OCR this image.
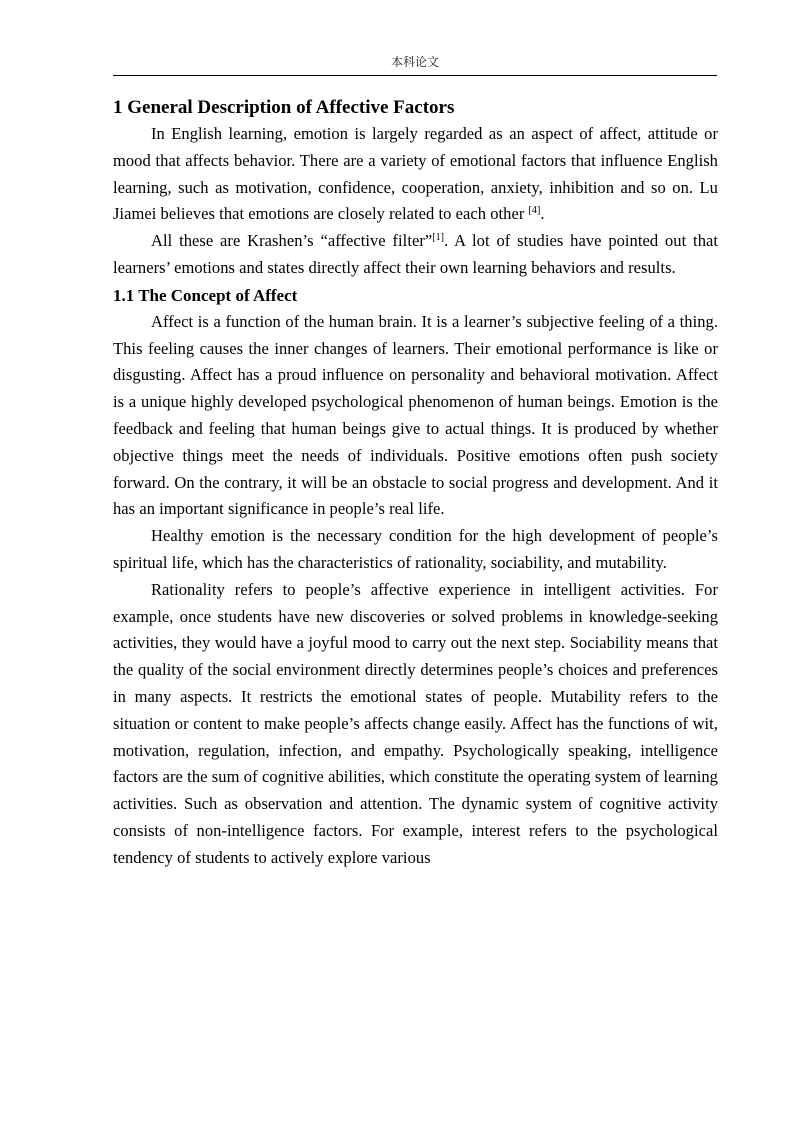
本科论文
1 General Description of Affective Factors

In English learning, emotion is largely regarded as an aspect of affect, attitude or mood that affects behavior. There are a variety of emotional factors that influence English learning, such as motivation, confidence, cooperation, anxiety, inhibition and so on. Lu Jiamei believes that emotions are closely related to each other [4].

All these are Krashen’s “affective filter”[1]. A lot of studies have pointed out that learners’ emotions and states directly affect their own learning behaviors and results.

1.1 The Concept of Affect

Affect is a function of the human brain. It is a learner’s subjective feeling of a thing. This feeling causes the inner changes of learners. Their emotional performance is like or disgusting. Affect has a proud influence on personality and behavioral motivation. Affect is a unique highly developed psychological phenomenon of human beings. Emotion is the feedback and feeling that human beings give to actual things. It is produced by whether objective things meet the needs of individuals. Positive emotions often push society forward. On the contrary, it will be an obstacle to social progress and development. And it has an important significance in people’s real life.

Healthy emotion is the necessary condition for the high development of people’s spiritual life, which has the characteristics of rationality, sociability, and mutability.

Rationality refers to people’s affective experience in intelligent activities. For example, once students have new discoveries or solved problems in knowledge-seeking activities, they would have a joyful mood to carry out the next step. Sociability means that the quality of the social environment directly determines people’s choices and preferences in many aspects. It restricts the emotional states of people. Mutability refers to the situation or content to make people’s affects change easily. Affect has the functions of wit, motivation, regulation, infection, and empathy. Psychologically speaking, intelligence factors are the sum of cognitive abilities, which constitute the operating system of learning activities. Such as observation and attention. The dynamic system of cognitive activity consists of non-intelligence factors. For example, interest refers to the psychological tendency of students to actively explore various
